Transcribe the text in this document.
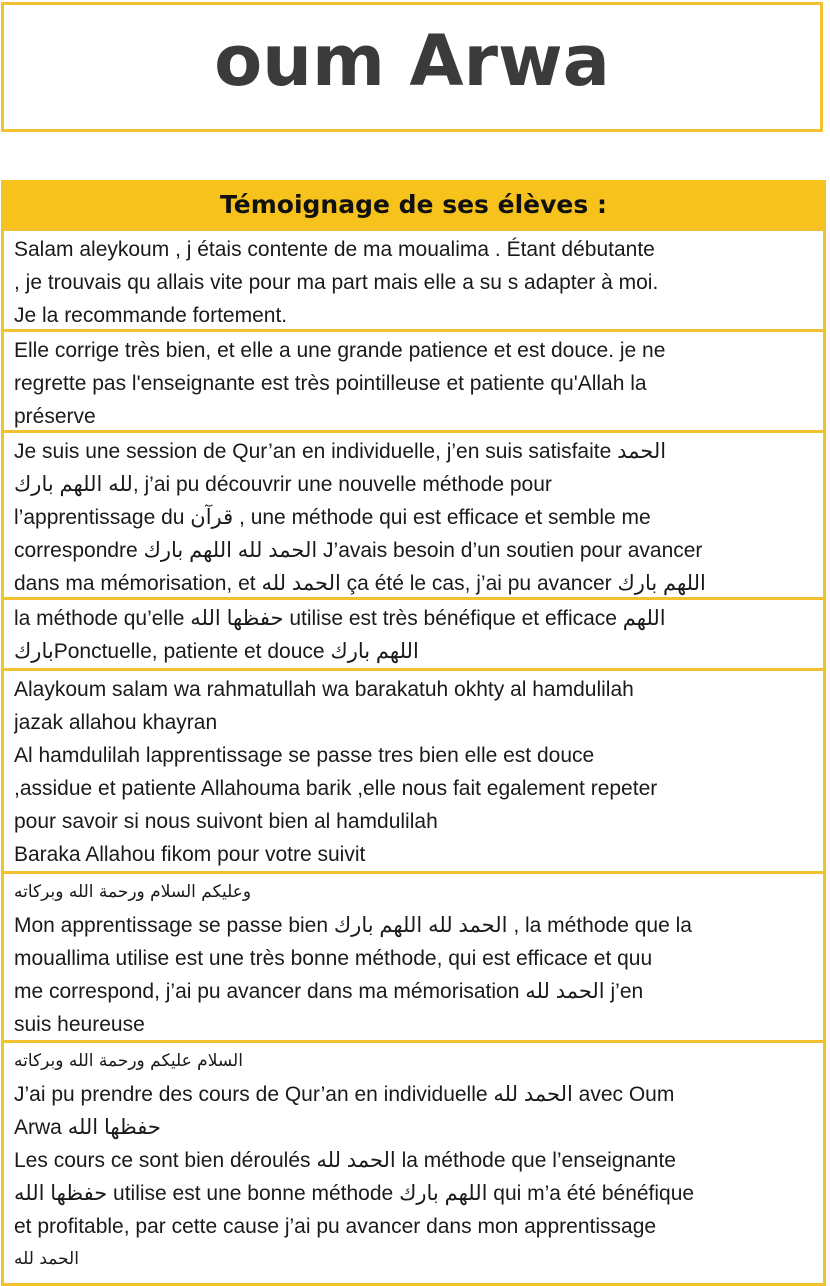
oum Arwa
Témoignage de ses élèves :
Salam aleykoum , j étais contente de ma moualima . Étant débutante
, je trouvais qu allais vite pour ma part mais elle a su s adapter à moi.
Je la recommande fortement.
Elle corrige très bien, et elle a une grande patience et est douce. je ne
regrette pas l'enseignante est très pointilleuse et patiente qu'Allah la
préserve
Je suis une session de Qur’an en individuelle, j’en suis satisfaite الحمد
لله اللهم بارك, j’ai pu découvrir une nouvelle méthode pour
l’apprentissage du قرآن , une méthode qui est efficace et semble me
correspondre الحمد لله اللهم بارك J’avais besoin d’un soutien pour avancer
dans ma mémorisation, et الحمد لله ça été le cas, j’ai pu avancer اللهم بارك
la méthode qu’elle حفظها الله utilise est très bénéfique et efficace اللهم
باركPonctuelle, patiente et douce اللهم بارك
Alaykoum salam wa rahmatullah wa barakatuh okhty al hamdulilah
jazak allahou khayran
Al hamdulilah lapprentissage se passe tres bien elle est douce
,assidue et patiente Allahouma barik ,elle nous fait egalement repeter
pour savoir si nous suivont bien al hamdulilah
Baraka Allahou fikom pour votre suivit
وعليكم السلام ورحمة الله وبركاته
Mon apprentissage se passe bien الحمد لله اللهم بارك , la méthode que la
mouallima utilise est une très bonne méthode, qui est efficace et quu
me correspond, j’ai pu avancer dans ma mémorisation الحمد لله j’en
suis heureuse
السلام عليكم ورحمة الله وبركاته
J’ai pu prendre des cours de Qur’an en individuelle الحمد لله avec Oum
Arwa حفظها الله
Les cours ce sont bien déroulés الحمد لله la méthode que l’enseignante
حفظها الله utilise est une bonne méthode اللهم بارك qui m’a été bénéfique
et profitable, par cette cause j’ai pu avancer dans mon apprentissage
الحمد لله
